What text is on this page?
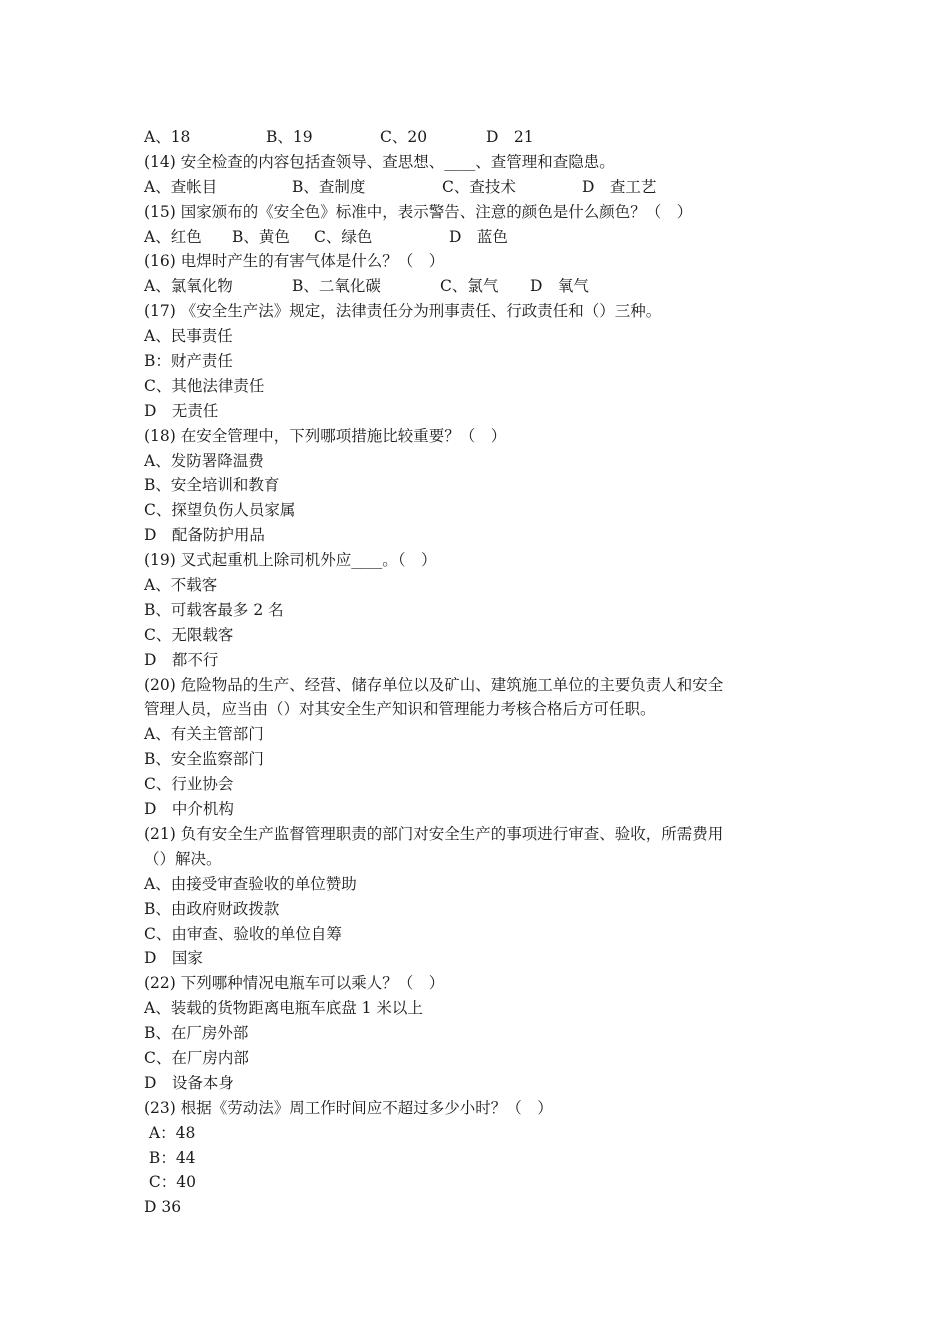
A、18	B、19	C、20	D　21
(14) 安全检查的内容包括查领导、查思想、____、查管理和查隐患。
A、查帐目	B、查制度	C、查技术	D　查工艺
(15) 国家颁布的《安全色》标准中，表示警告、注意的颜色是什么颜色？（　）
A、红色 B、黄色 C、绿色	D　蓝色
(16) 电焊时产生的有害气体是什么？（　）
A、氯氧化物	B、二氧化碳	C、氯气 D　氧气
(17) 《安全生产法》规定，法律责任分为刑事责任、行政责任和（）三种。
A、民事责任
B：财产责任
C、其他法律责任
D　无责任
(18) 在安全管理中，下列哪项措施比较重要？（　）
A、发防署降温费
B、安全培训和教育
C、探望负伤人员家属
D　配备防护用品
(19) 叉式起重机上除司机外应____。（　）
A、不载客
B、可载客最多 2 名
C、无限载客
D　都不行
(20) 危险物品的生产、经营、储存单位以及矿山、建筑施工单位的主要负责人和安全
管理人员，应当由（）对其安全生产知识和管理能力考核合格后方可任职。
A、有关主管部门
B、安全监察部门
C、行业协会
D　中介机构
(21) 负有安全生产监督管理职责的部门对安全生产的事项进行审查、验收，所需费用
（）解决。
A、由接受审查验收的单位赞助
B、由政府财政拨款
C、由审查、验收的单位自筹
D　国家
(22) 下列哪种情况电瓶车可以乘人？（　）
A、装载的货物距离电瓶车底盘 1 米以上
B、在厂房外部
C、在厂房内部
D　设备本身
(23) 根据《劳动法》周工作时间应不超过多少小时？（　）
A：48
B：44
C：40
D 36
